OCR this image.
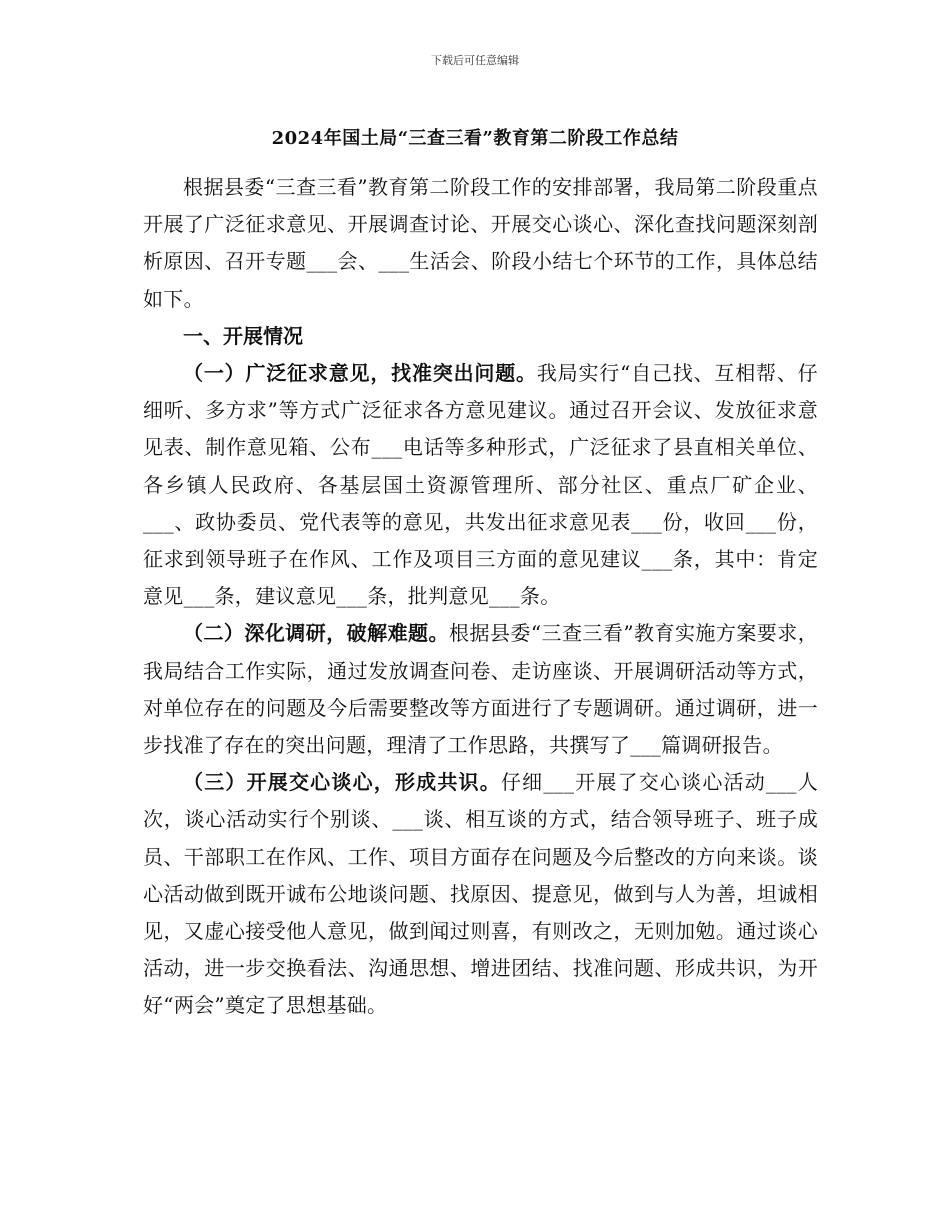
下载后可任意编辑
2024年国土局“三查三看”教育第二阶段工作总结

根据县委“三查三看”教育第二阶段工作的安排部署，我局第二阶段重点开展了广泛征求意见、开展调查讨论、开展交心谈心、深化查找问题深刻剖析原因、召开专题___会、___生活会、阶段小结七个环节的工作，具体总结如下。

一、开展情况

（一）广泛征求意见，找准突出问题。我局实行“自己找、互相帮、仔细听、多方求”等方式广泛征求各方意见建议。通过召开会议、发放征求意见表、制作意见箱、公布___电话等多种形式，广泛征求了县直相关单位、各乡镇人民政府、各基层国土资源管理所、部分社区、重点厂矿企业、___、政协委员、党代表等的意见，共发出征求意见表___份，收回___份，征求到领导班子在作风、工作及项目三方面的意见建议___条，其中：肯定意见___条，建议意见___条，批判意见___条。

（二）深化调研，破解难题。根据县委“三查三看”教育实施方案要求，我局结合工作实际，通过发放调查问卷、走访座谈、开展调研活动等方式，对单位存在的问题及今后需要整改等方面进行了专题调研。通过调研，进一步找准了存在的突出问题，理清了工作思路，共撰写了___篇调研报告。

（三）开展交心谈心，形成共识。仔细___开展了交心谈心活动___人次，谈心活动实行个别谈、___谈、相互谈的方式，结合领导班子、班子成员、干部职工在作风、工作、项目方面存在问题及今后整改的方向来谈。谈心活动做到既开诚布公地谈问题、找原因、提意见，做到与人为善，坦诚相见，又虚心接受他人意见，做到闻过则喜，有则改之，无则加勉。通过谈心活动，进一步交换看法、沟通思想、增进团结、找准问题、形成共识，为开好“两会”奠定了思想基础。
